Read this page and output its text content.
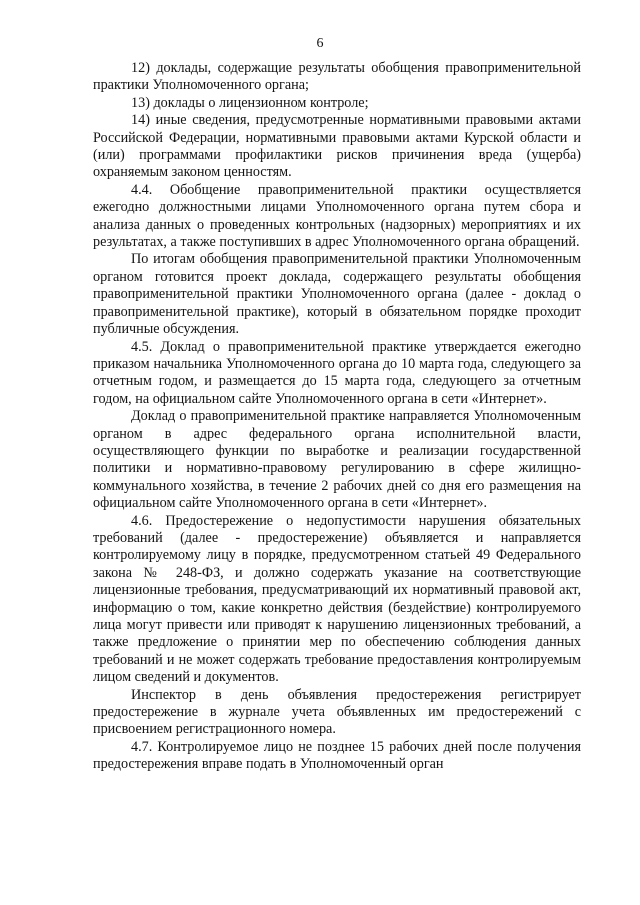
6

12) доклады, содержащие результаты обобщения правоприменительной практики Уполномоченного органа;

13) доклады о лицензионном контроле;

14) иные сведения, предусмотренные нормативными правовыми актами Российской Федерации, нормативными правовыми актами Курской области и (или) программами профилактики рисков причинения вреда (ущерба) охраняемым законом ценностям.

4.4. Обобщение правоприменительной практики осуществляется ежегодно должностными лицами Уполномоченного органа путем сбора и анализа данных о проведенных контрольных (надзорных) мероприятиях и их результатах, а также поступивших в адрес Уполномоченного органа обращений.

По итогам обобщения правоприменительной практики Уполномоченным органом готовится проект доклада, содержащего результаты обобщения правоприменительной практики Уполномоченного органа (далее - доклад о правоприменительной практике), который в обязательном порядке проходит публичные обсуждения.

4.5. Доклад о правоприменительной практике утверждается ежегодно приказом начальника Уполномоченного органа до 10 марта года, следующего за отчетным годом, и размещается до 15 марта года, следующего за отчетным годом, на официальном сайте Уполномоченного органа в сети «Интернет».

Доклад о правоприменительной практике направляется Уполномоченным органом в адрес федерального органа исполнительной власти, осуществляющего функции по выработке и реализации государственной политики и нормативно-правовому регулированию в сфере жилищно-коммунального хозяйства, в течение 2 рабочих дней со дня его размещения на официальном сайте Уполномоченного органа в сети «Интернет».

4.6. Предостережение о недопустимости нарушения обязательных требований (далее - предостережение) объявляется и направляется контролируемому лицу в порядке, предусмотренном статьей 49 Федерального закона № 248-ФЗ, и должно содержать указание на соответствующие лицензионные требования, предусматривающий их нормативный правовой акт, информацию о том, какие конкретно действия (бездействие) контролируемого лица могут привести или приводят к нарушению лицензионных требований, а также предложение о принятии мер по обеспечению соблюдения данных требований и не может содержать требование предоставления контролируемым лицом сведений и документов.

Инспектор в день объявления предостережения регистрирует предостережение в журнале учета объявленных им предостережений с присвоением регистрационного номера.

4.7. Контролируемое лицо не позднее 15 рабочих дней после получения предостережения вправе подать в Уполномоченный орган
